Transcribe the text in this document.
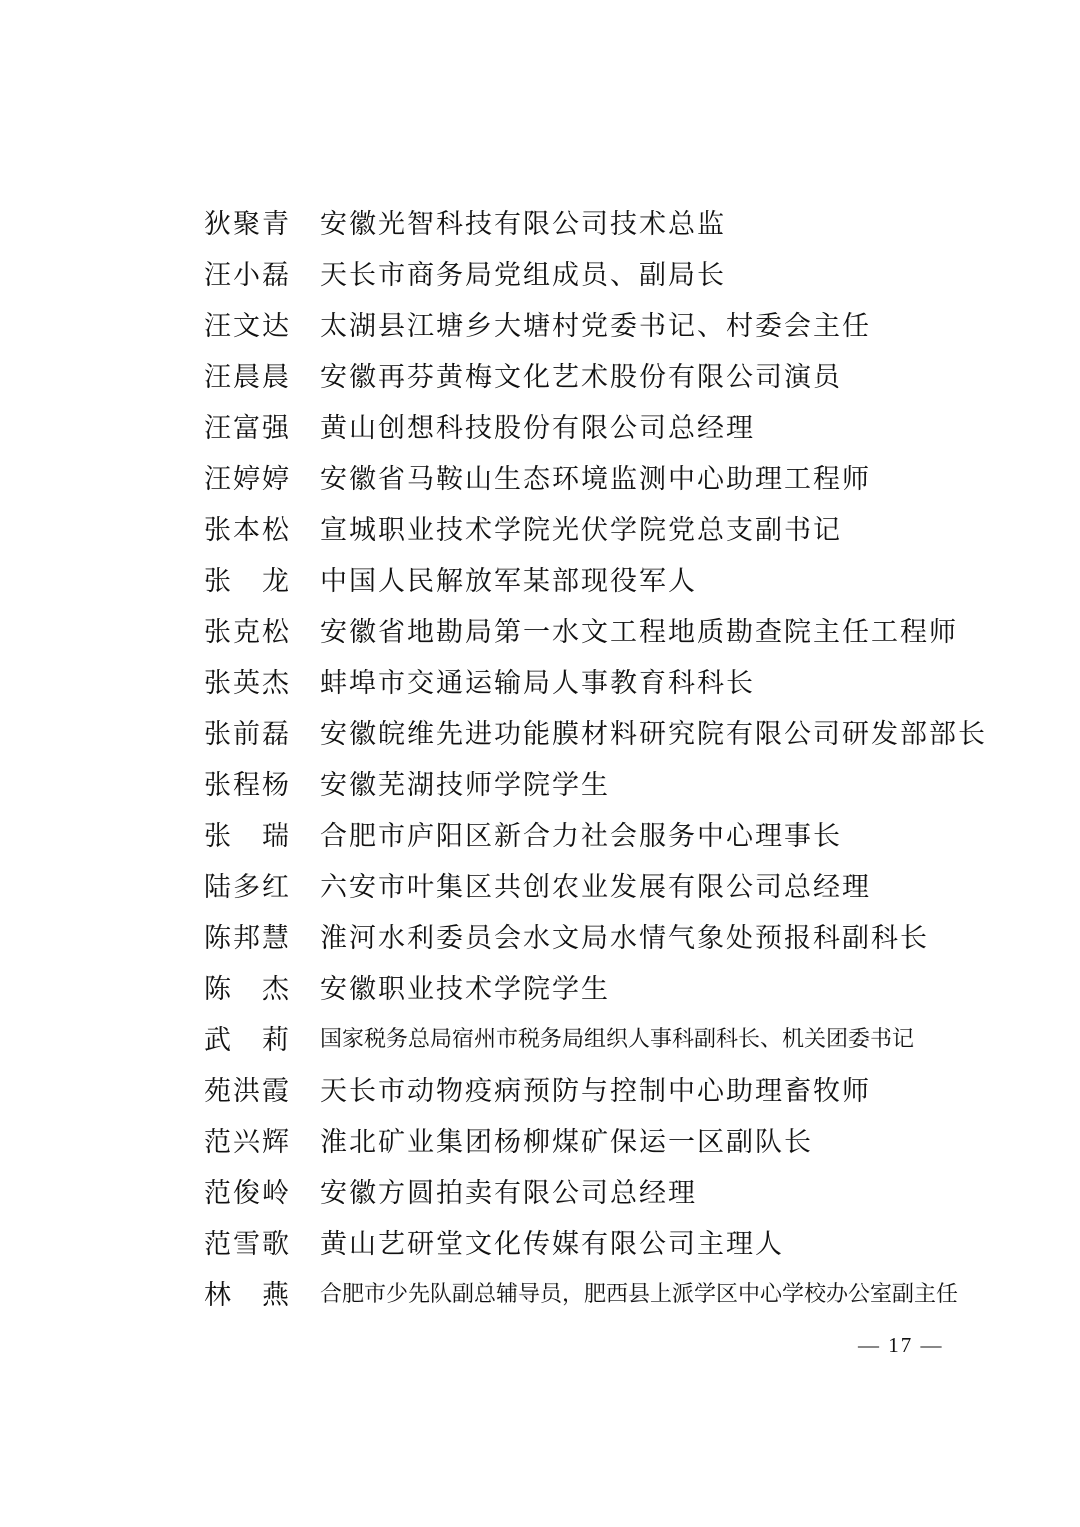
狄聚青	安徽光智科技有限公司技术总监
汪小磊	天长市商务局党组成员、副局长
汪文达	太湖县江塘乡大塘村党委书记、村委会主任
汪晨晨	安徽再芬黄梅文化艺术股份有限公司演员
汪富强	黄山创想科技股份有限公司总经理
汪婷婷	安徽省马鞍山生态环境监测中心助理工程师
张本松	宣城职业技术学院光伏学院党总支副书记
张　龙	中国人民解放军某部现役军人
张克松	安徽省地勘局第一水文工程地质勘查院主任工程师
张英杰	蚌埠市交通运输局人事教育科科长
张前磊	安徽皖维先进功能膜材料研究院有限公司研发部部长
张程杨	安徽芜湖技师学院学生
张　瑞	合肥市庐阳区新合力社会服务中心理事长
陆多红	六安市叶集区共创农业发展有限公司总经理
陈邦慧	淮河水利委员会水文局水情气象处预报科副科长
陈　杰	安徽职业技术学院学生
武　莉	国家税务总局宿州市税务局组织人事科副科长、机关团委书记
苑洪霞	天长市动物疫病预防与控制中心助理畜牧师
范兴辉	淮北矿业集团杨柳煤矿保运一区副队长
范俊岭	安徽方圆拍卖有限公司总经理
范雪歌	黄山艺研堂文化传媒有限公司主理人
林　燕	合肥市少先队副总辅导员，肥西县上派学区中心学校办公室副主任
— 17 —
